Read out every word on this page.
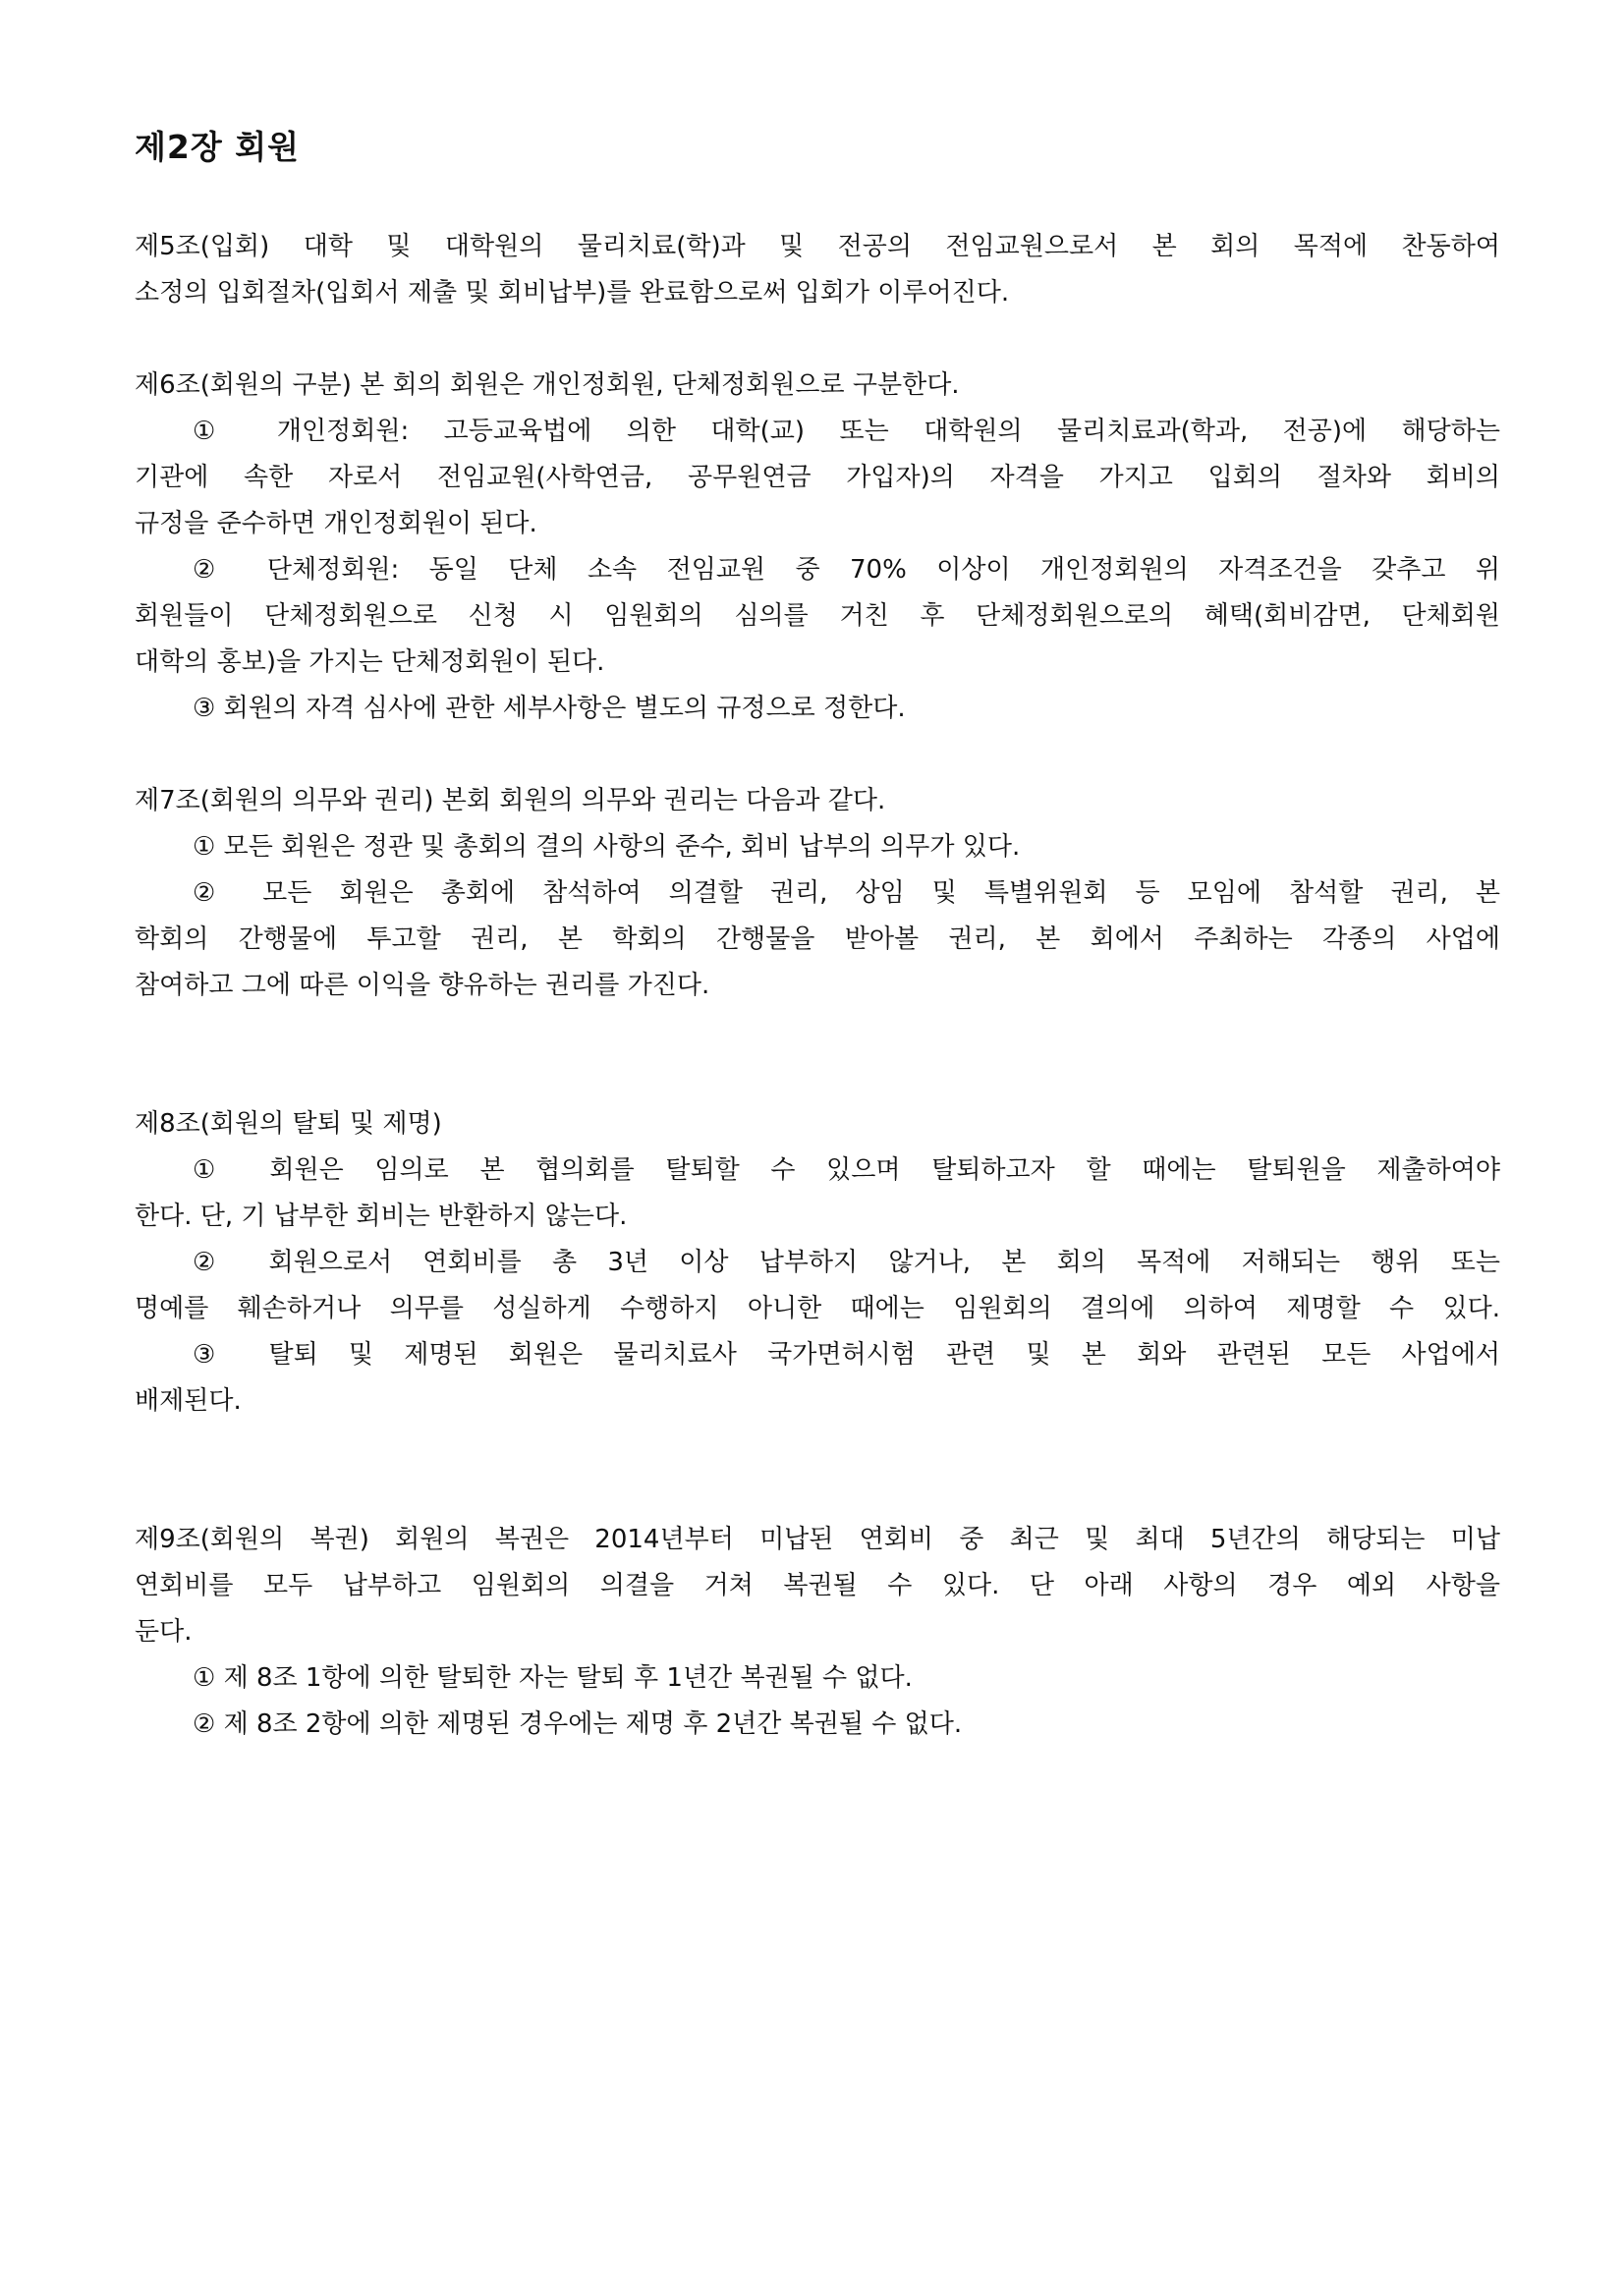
제2장 회원
제5조(입회) 대학 및 대학원의 물리치료(학)과 및 전공의 전임교원으로서 본 회의 목적에 찬동하여
소정의 입회절차(입회서 제출 및 회비납부)를 완료함으로써 입회가 이루어진다.
제6조(회원의 구분) 본 회의 회원은 개인정회원, 단체정회원으로 구분한다.
① 개인정회원: 고등교육법에 의한 대학(교) 또는 대학원의 물리치료과(학과, 전공)에 해당하는
기관에 속한 자로서 전임교원(사학연금, 공무원연금 가입자)의 자격을 가지고 입회의 절차와 회비의
규정을 준수하면 개인정회원이 된다.
② 단체정회원: 동일 단체 소속 전임교원 중 70% 이상이 개인정회원의 자격조건을 갖추고 위
회원들이 단체정회원으로 신청 시 임원회의 심의를 거친 후 단체정회원으로의 혜택(회비감면, 단체회원
대학의 홍보)을 가지는 단체정회원이 된다.
③ 회원의 자격 심사에 관한 세부사항은 별도의 규정으로 정한다.
제7조(회원의 의무와 권리) 본회 회원의 의무와 권리는 다음과 같다.
① 모든 회원은 정관 및 총회의 결의 사항의 준수, 회비 납부의 의무가 있다.
② 모든 회원은 총회에 참석하여 의결할 권리, 상임 및 특별위원회 등 모임에 참석할 권리, 본
학회의 간행물에 투고할 권리, 본 학회의 간행물을 받아볼 권리, 본 회에서 주최하는 각종의 사업에
참여하고 그에 따른 이익을 향유하는 권리를 가진다.
제8조(회원의 탈퇴 및 제명)
① 회원은 임의로 본 협의회를 탈퇴할 수 있으며 탈퇴하고자 할 때에는 탈퇴원을 제출하여야
한다. 단, 기 납부한 회비는 반환하지 않는다.
② 회원으로서 연회비를 총 3년 이상 납부하지 않거나, 본 회의 목적에 저해되는 행위 또는
명예를 훼손하거나 의무를 성실하게 수행하지 아니한 때에는 임원회의 결의에 의하여 제명할 수 있다.
③ 탈퇴 및 제명된 회원은 물리치료사 국가면허시험 관련 및 본 회와 관련된 모든 사업에서
배제된다.
제9조(회원의 복권) 회원의 복권은 2014년부터 미납된 연회비 중 최근 및 최대 5년간의 해당되는 미납
연회비를 모두 납부하고 임원회의 의결을 거쳐 복권될 수 있다. 단 아래 사항의 경우 예외 사항을
둔다.
① 제 8조 1항에 의한 탈퇴한 자는 탈퇴 후 1년간 복권될 수 없다.
② 제 8조 2항에 의한 제명된 경우에는 제명 후 2년간 복권될 수 없다.
